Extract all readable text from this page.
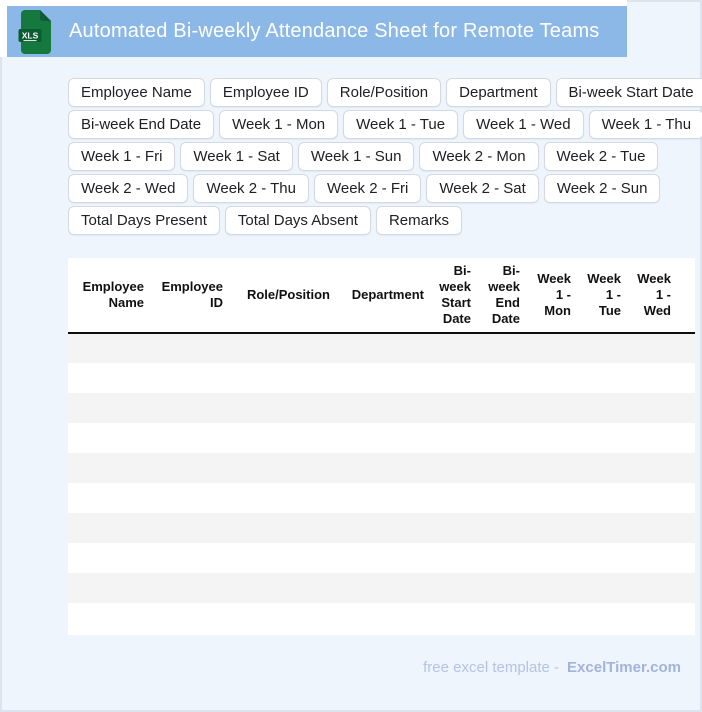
XLS Automated Bi-weekly Attendance Sheet for Remote Teams
Employee Name	Employee ID	Role/Position	Department	Bi-week Start Date
Bi-week End Date	Week 1 - Mon	Week 1 - Tue	Week 1 - Wed	Week 1 - Thu
Week 1 - Fri	Week 1 - Sat	Week 1 - Sun	Week 2 - Mon	Week 2 - Tue
Week 2 - Wed	Week 2 - Thu	Week 2 - Fri	Week 2 - Sat	Week 2 - Sun
Total Days Present	Total Days Absent	Remarks
Employee Name	Employee ID	Role/Position	Department	Bi-week Start Date	Bi-week End Date	Week 1 - Mon	Week 1 - Tue	Week 1 - Wed	

free excel template - ExcelTimer.com
